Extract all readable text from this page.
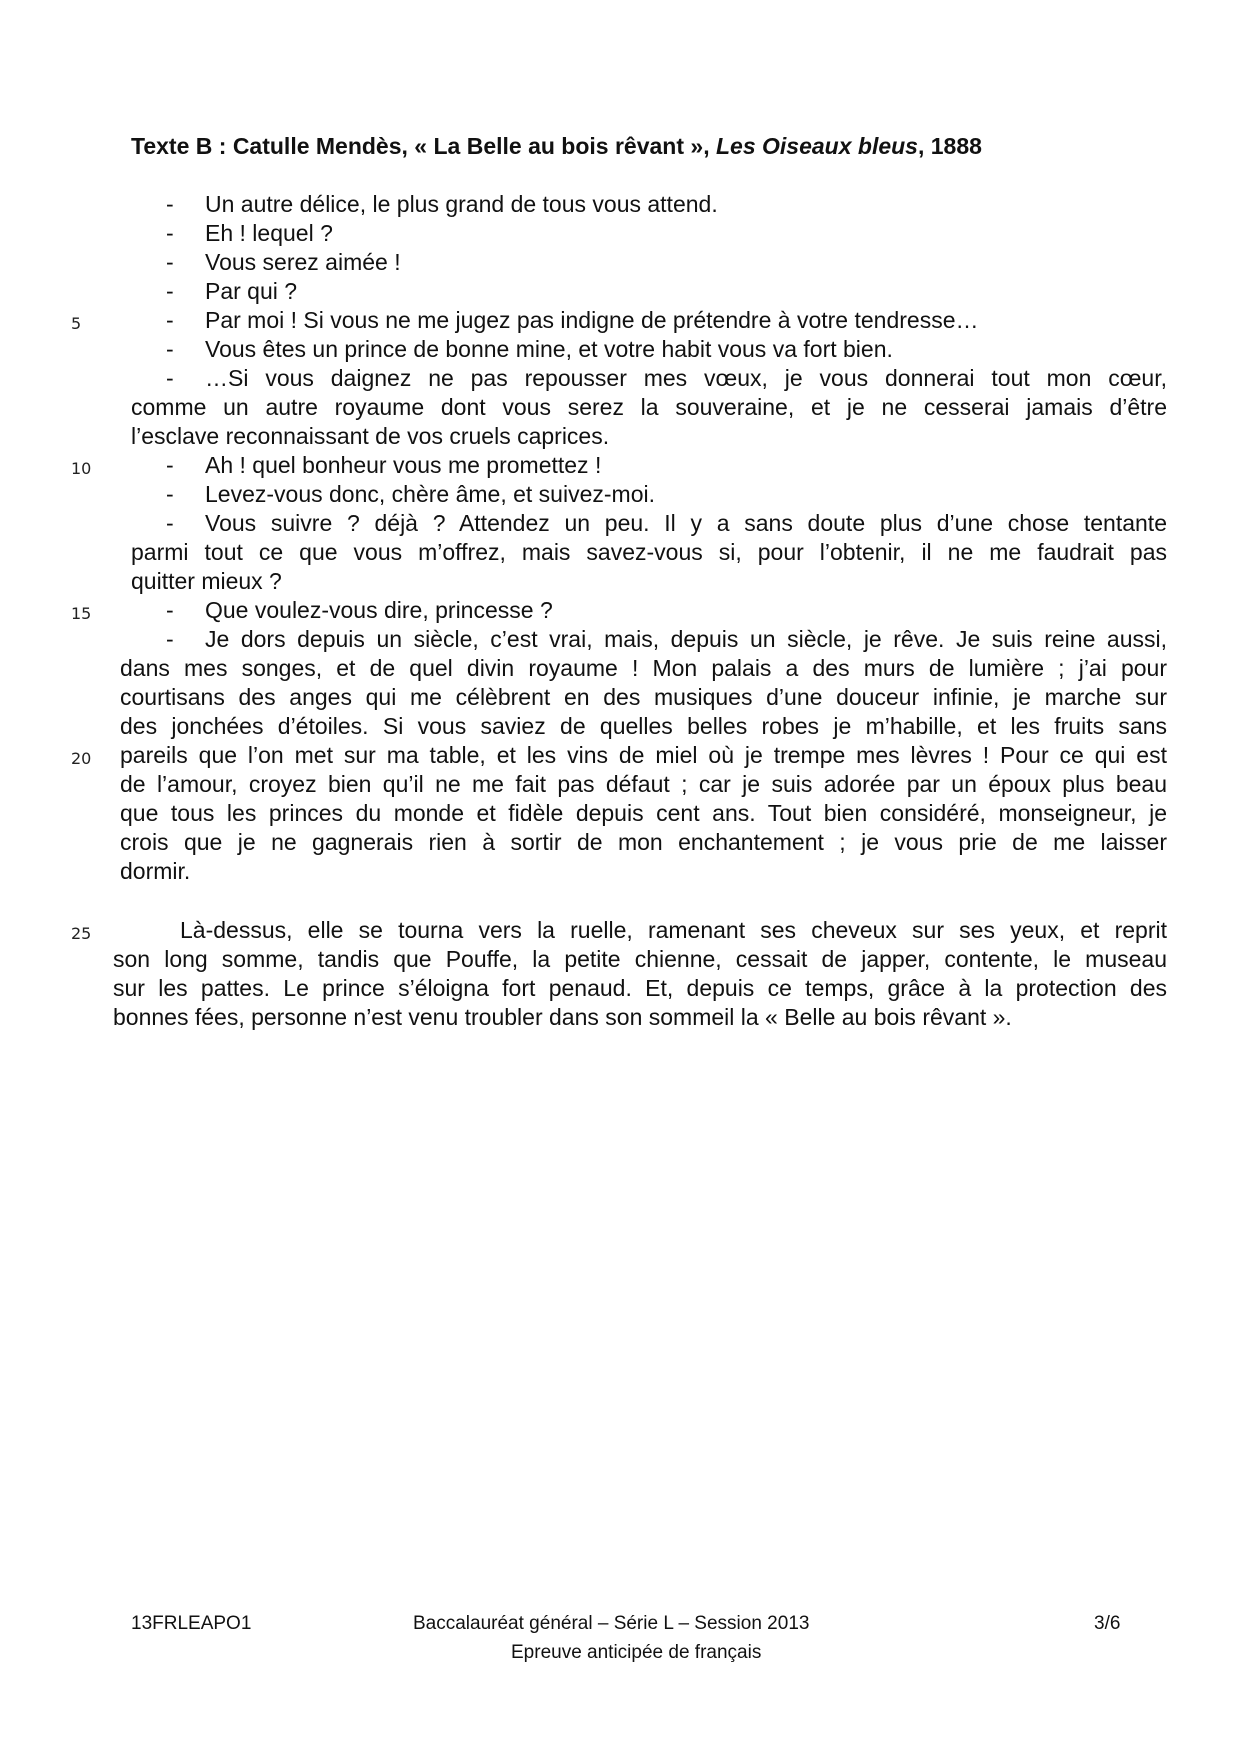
Texte B : Catulle Mendès, « La Belle au bois rêvant », Les Oiseaux bleus, 1888
-
-
-
-
-
-
-
-
-
-
-
-
Un autre délice, le plus grand de tous vous attend.
Eh ! lequel ?
Vous serez aimée !
Par qui ?
Par moi ! Si vous ne me jugez pas indigne de prétendre à votre tendresse…
Vous êtes un prince de bonne mine, et votre habit vous va fort bien.
…Si vous daignez ne pas repousser mes vœux, je vous donnerai tout mon cœur,
comme un autre royaume dont vous serez la souveraine, et je ne cesserai jamais d’être
l’esclave reconnaissant de vos cruels caprices.
Ah ! quel bonheur vous me promettez !
Levez-vous donc, chère âme, et suivez-moi.
Vous suivre ? déjà ? Attendez un peu. Il y a sans doute plus d’une chose tentante
parmi tout ce que vous m’offrez, mais savez-vous si, pour l’obtenir, il ne me faudrait pas
quitter mieux ?
Que voulez-vous dire, princesse ?
Je dors depuis un siècle, c’est vrai, mais, depuis un siècle, je rêve. Je suis reine aussi,
dans mes songes, et de quel divin royaume ! Mon palais a des murs de lumière ; j’ai pour
courtisans des anges qui me célèbrent en des musiques d’une douceur infinie, je marche sur
des jonchées d’étoiles. Si vous saviez de quelles belles robes je m’habille, et les fruits sans
pareils que l’on met sur ma table, et les vins de miel où je trempe mes lèvres ! Pour ce qui est
de l’amour, croyez bien qu’il ne me fait pas défaut ; car je suis adorée par un époux plus beau
que tous les princes du monde et fidèle depuis cent ans. Tout bien considéré, monseigneur, je
crois que je ne gagnerais rien à sortir de mon enchantement ; je vous prie de me laisser
dormir.
Là-dessus, elle se tourna vers la ruelle, ramenant ses cheveux sur ses yeux, et reprit
son long somme, tandis que Pouffe, la petite chienne, cessait de japper, contente, le museau
sur les pattes. Le prince s’éloigna fort penaud. Et, depuis ce temps, grâce à la protection des
bonnes fées, personne n’est venu troubler dans son sommeil la « Belle au bois rêvant ».
5
10
15
20
25
13FRLEAPO1	Baccalauréat général – Série L – Session 2013
Epreuve anticipée de français
3/6
